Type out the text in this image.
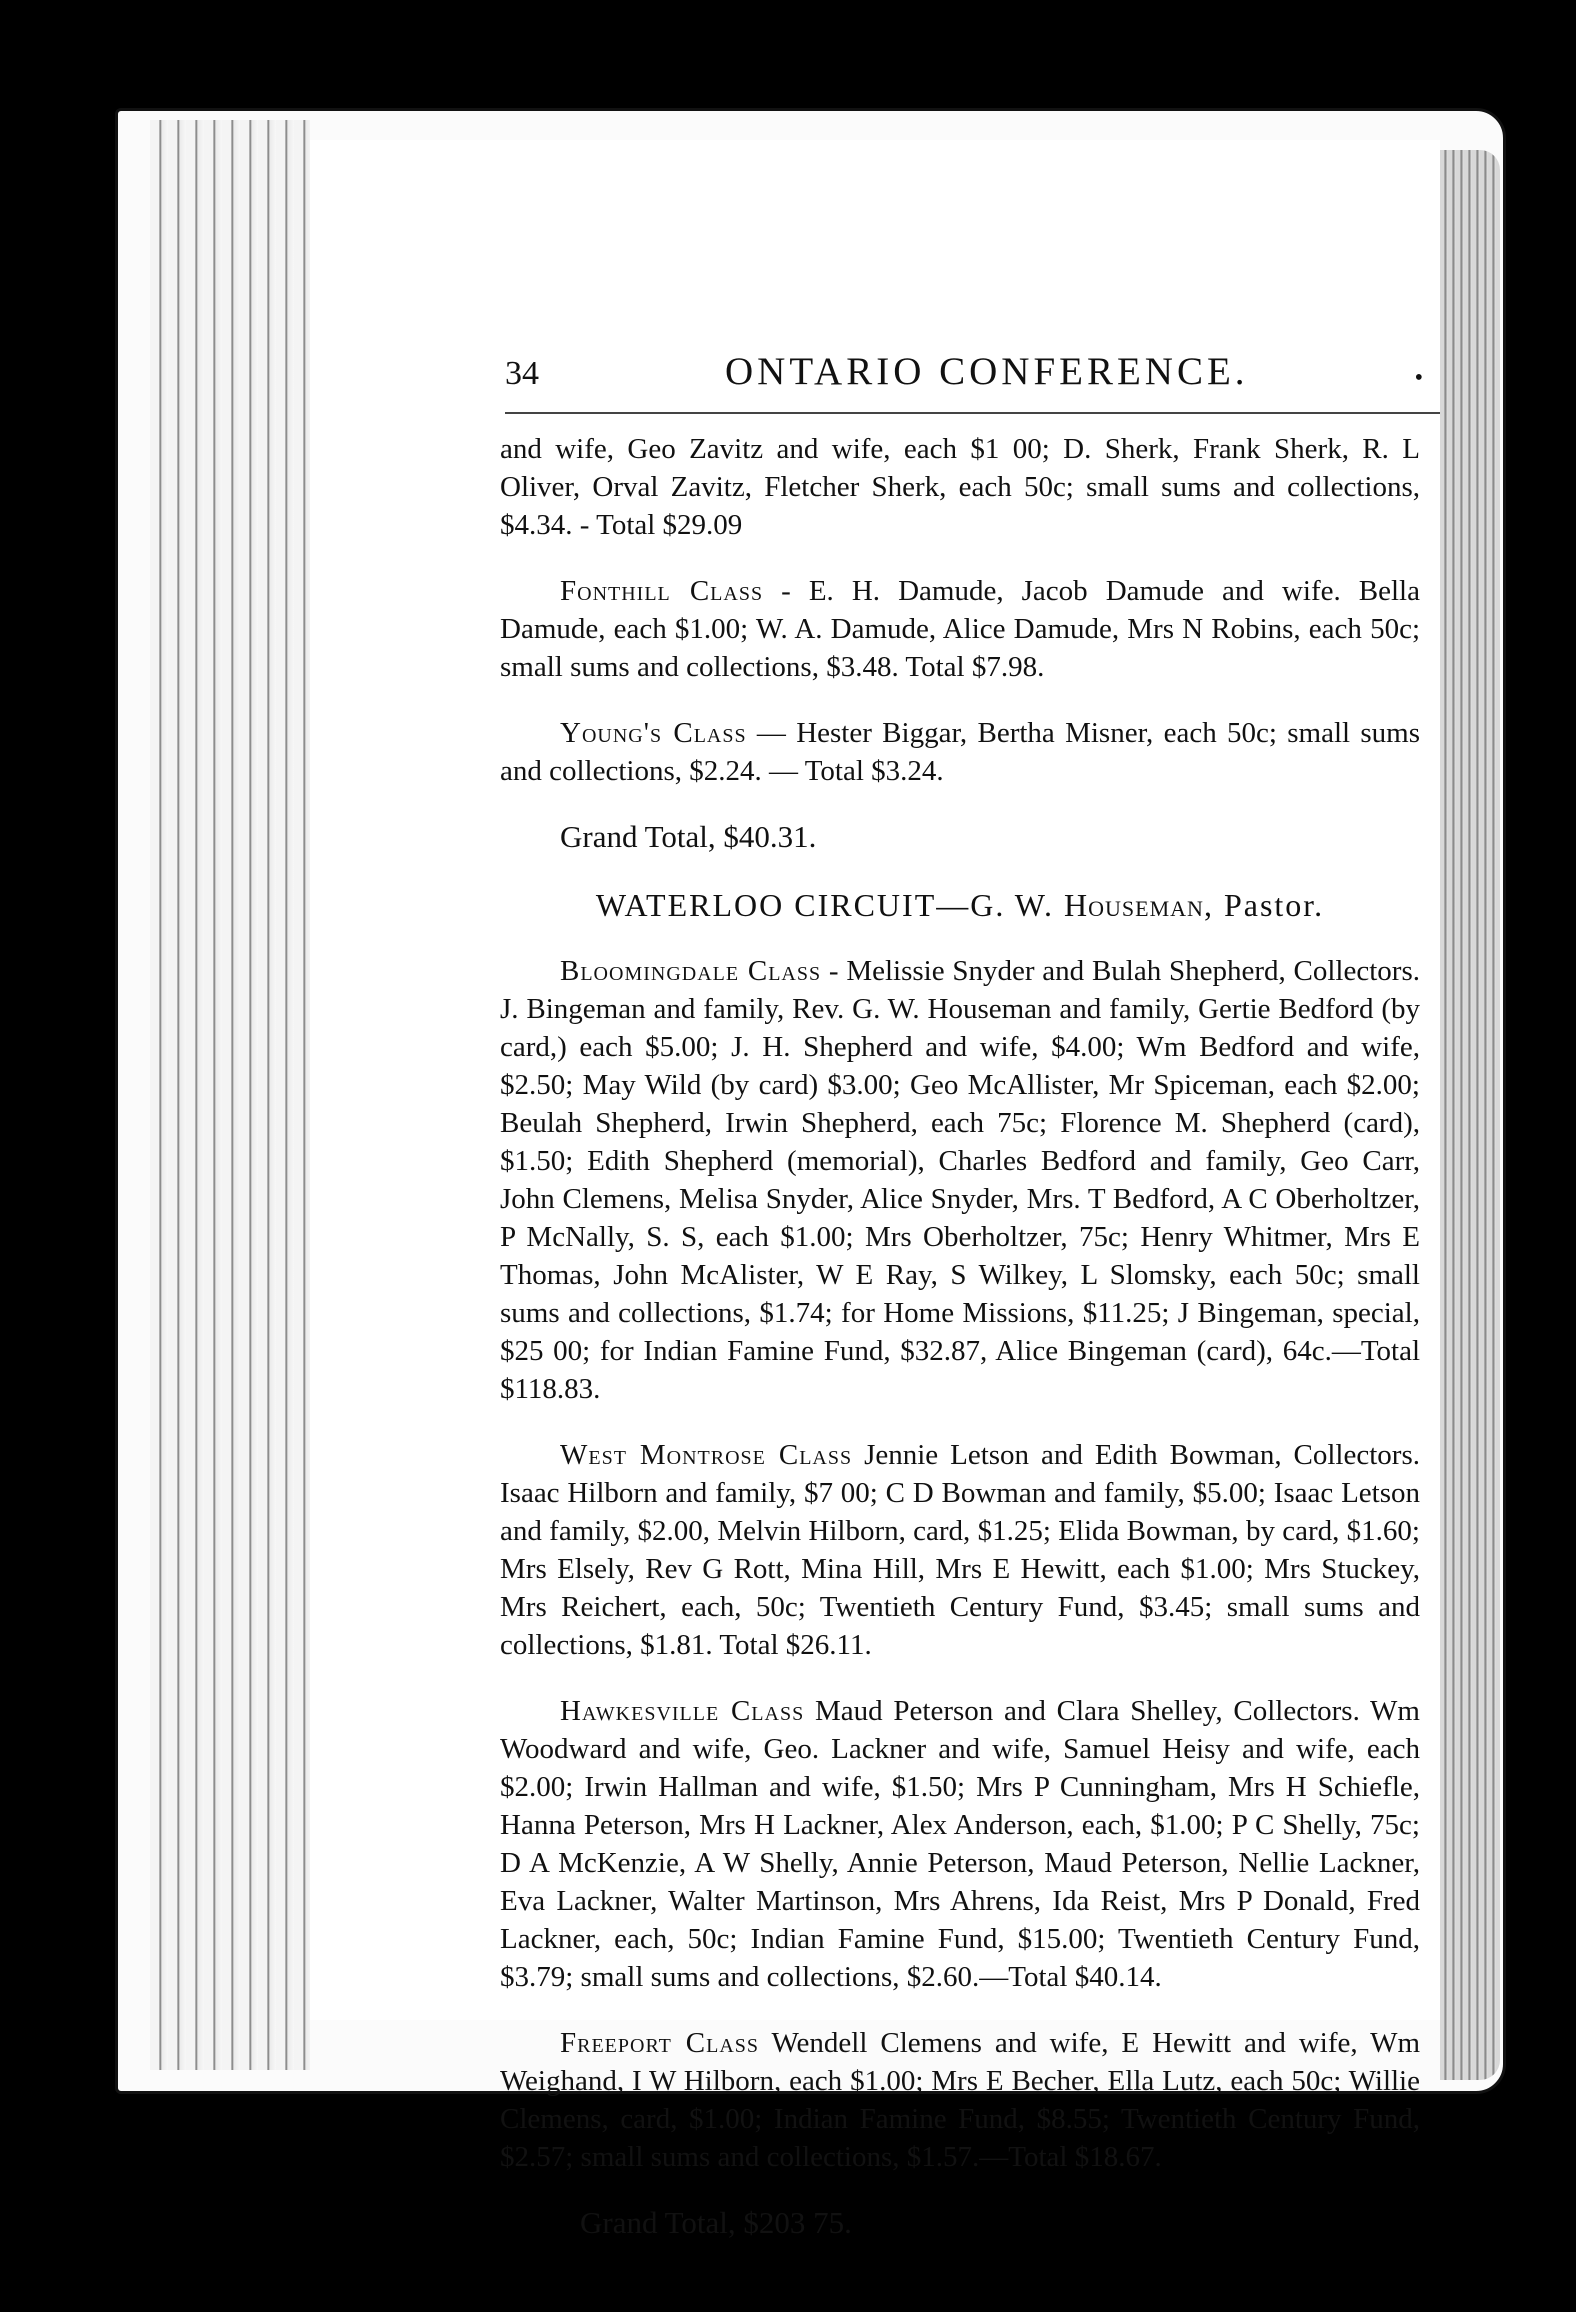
34	ONTARIO CONFERENCE.	•

and wife, Geo Zavitz and wife, each $1 00; D. Sherk, Frank Sherk, R. L Oliver, Orval Zavitz, Fletcher Sherk, each 50c; small sums and collections, $4.34. - Total $29.09

Fonthill Class - E. H. Damude, Jacob Damude and wife. Bella Damude, each $1.00; W. A. Damude, Alice Damude, Mrs N Robins, each 50c; small sums and collections, $3.48. Total $7.98.

Young's Class — Hester Biggar, Bertha Misner, each 50c; small sums and collections, $2.24. — Total $3.24.

Grand Total, $40.31.

WATERLOO CIRCUIT—G. W. Houseman, Pastor.

Bloomingdale Class - Melissie Snyder and Bulah Shepherd, Collectors. J. Bingeman and family, Rev. G. W. Houseman and family, Gertie Bedford (by card,) each $5.00; J. H. Shepherd and wife, $4.00; Wm Bedford and wife, $2.50; May Wild (by card) $3.00; Geo McAllister, Mr Spiceman, each $2.00; Beulah Shepherd, Irwin Shepherd, each 75c; Florence M. Shepherd (card), $1.50; Edith Shepherd (memorial), Charles Bedford and family, Geo Carr, John Clemens, Melisa Snyder, Alice Snyder, Mrs. T Bedford, A C Oberholtzer, P McNally, S. S, each $1.00; Mrs Oberholtzer, 75c; Henry Whitmer, Mrs E Thomas, John McAlister, W E Ray, S Wilkey, L Slomsky, each 50c; small sums and collections, $1.74; for Home Missions, $11.25; J Bingeman, special, $25 00; for Indian Famine Fund, $32.87, Alice Bingeman (card), 64c.—Total $118.83.

West Montrose Class Jennie Letson and Edith Bowman, Collectors. Isaac Hilborn and family, $7 00; C D Bowman and family, $5.00; Isaac Letson and family, $2.00, Melvin Hilborn, card, $1.25; Elida Bowman, by card, $1.60; Mrs Elsely, Rev G Rott, Mina Hill, Mrs E Hewitt, each $1.00; Mrs Stuckey, Mrs Reichert, each, 50c; Twentieth Century Fund, $3.45; small sums and collections, $1.81. Total $26.11.

Hawkesville Class Maud Peterson and Clara Shelley, Collectors. Wm Woodward and wife, Geo. Lackner and wife, Samuel Heisy and wife, each $2.00; Irwin Hallman and wife, $1.50; Mrs P Cunningham, Mrs H Schiefle, Hanna Peterson, Mrs H Lackner, Alex Anderson, each, $1.00; P C Shelly, 75c; D A McKenzie, A W Shelly, Annie Peterson, Maud Peterson, Nellie Lackner, Eva Lackner, Walter Martinson, Mrs Ahrens, Ida Reist, Mrs P Donald, Fred Lackner, each, 50c; Indian Famine Fund, $15.00; Twentieth Century Fund, $3.79; small sums and collections, $2.60.—Total $40.14.

Freeport Class Wendell Clemens and wife, E Hewitt and wife, Wm Weighand, I W Hilborn, each $1.00; Mrs E Becher, Ella Lutz, each 50c; Willie Clemens, card, $1.00; Indian Famine Fund, $8.55; Twentieth Century Fund, $2.57; small sums and collections, $1.57.—Total $18.67.

Grand Total, $203 75.
